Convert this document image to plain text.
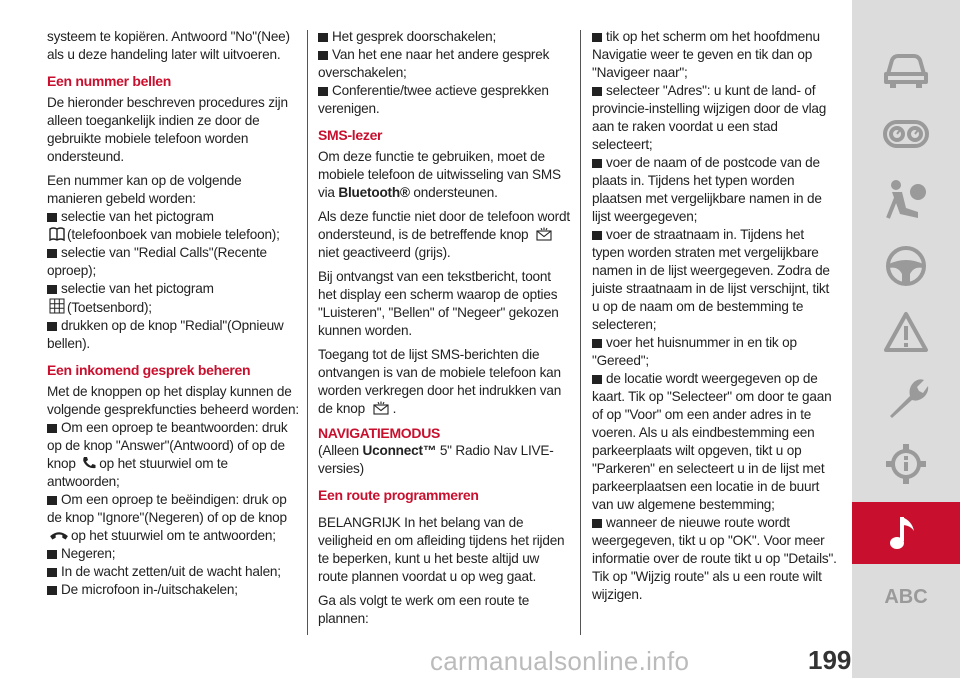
systeem te kopiëren. Antwoord "No"(Nee) als u deze handeling later wilt uitvoeren.

Een nummer bellen

De hieronder beschreven procedures zijn alleen toegankelijk indien ze door de gebruikte mobiele telefoon worden ondersteund.

Een nummer kan op de volgende manieren gebeld worden:

selectie van het pictogram
(telefoonboek van mobiele telefoon);

selectie van "Redial Calls"(Recente oproep);

selectie van het pictogram
(Toetsenbord);

drukken op de knop "Redial"(Opnieuw bellen).

Een inkomend gesprek beheren

Met de knoppen op het display kunnen de volgende gesprekfuncties beheerd worden:

Om een oproep te beantwoorden: druk op de knop "Answer"(Antwoord) of op de knop op het stuurwiel om te antwoorden;

Om een oproep te beëindigen: druk op de knop "Ignore"(Negeren) of op de knop
op het stuurwiel om te antwoorden;

Negeren;

In de wacht zetten/uit de wacht halen;

De microfoon in-/uitschakelen;

Het gesprek doorschakelen;

Van het ene naar het andere gesprek overschakelen;

Conferentie/twee actieve gesprekken verenigen.

SMS-lezer

Om deze functie te gebruiken, moet de mobiele telefoon de uitwisseling van SMS via Bluetooth® ondersteunen.

Als deze functie niet door de telefoon wordt ondersteund, is de betreffende knop  niet geactiveerd (grijs).

Bij ontvangst van een tekstbericht, toont het display een scherm waarop de opties "Luisteren", "Bellen" of "Negeer" gekozen kunnen worden.

Toegang tot de lijst SMS-berichten die ontvangen is van de mobiele telefoon kan worden verkregen door het indrukken van de knop .

NAVIGATIEMODUS

(Alleen Uconnect™ 5" Radio Nav LIVE-versies)

Een route programmeren

BELANGRIJK In het belang van de veiligheid en om afleiding tijdens het rijden te beperken, kunt u het beste altijd uw route plannen voordat u op weg gaat.

Ga als volgt te werk om een route te plannen:

tik op het scherm om het hoofdmenu Navigatie weer te geven en tik dan op "Navigeer naar";

selecteer "Adres": u kunt de land- of provincie-instelling wijzigen door de vlag aan te raken voordat u een stad selecteert;

voer de naam of de postcode van de plaats in. Tijdens het typen worden plaatsen met vergelijkbare namen in de lijst weergegeven;

voer de straatnaam in. Tijdens het typen worden straten met vergelijkbare namen in de lijst weergegeven. Zodra de juiste straatnaam in de lijst verschijnt, tikt u op de naam om de bestemming te selecteren;

voer het huisnummer in en tik op "Gereed";

de locatie wordt weergegeven op de kaart. Tik op "Selecteer" om door te gaan of op "Voor" om een ander adres in te voeren. Als u als eindbestemming een parkeerplaats wilt opgeven, tikt u op "Parkeren" en selecteert u in de lijst met parkeerplaatsen een locatie in de buurt van uw algemene bestemming;

wanneer de nieuwe route wordt weergegeven, tikt u op "OK". Voor meer informatie over de route tikt u op "Details". Tik op "Wijzig route" als u een route wilt wijzigen.	ABC
carmanualsonline.info	199
